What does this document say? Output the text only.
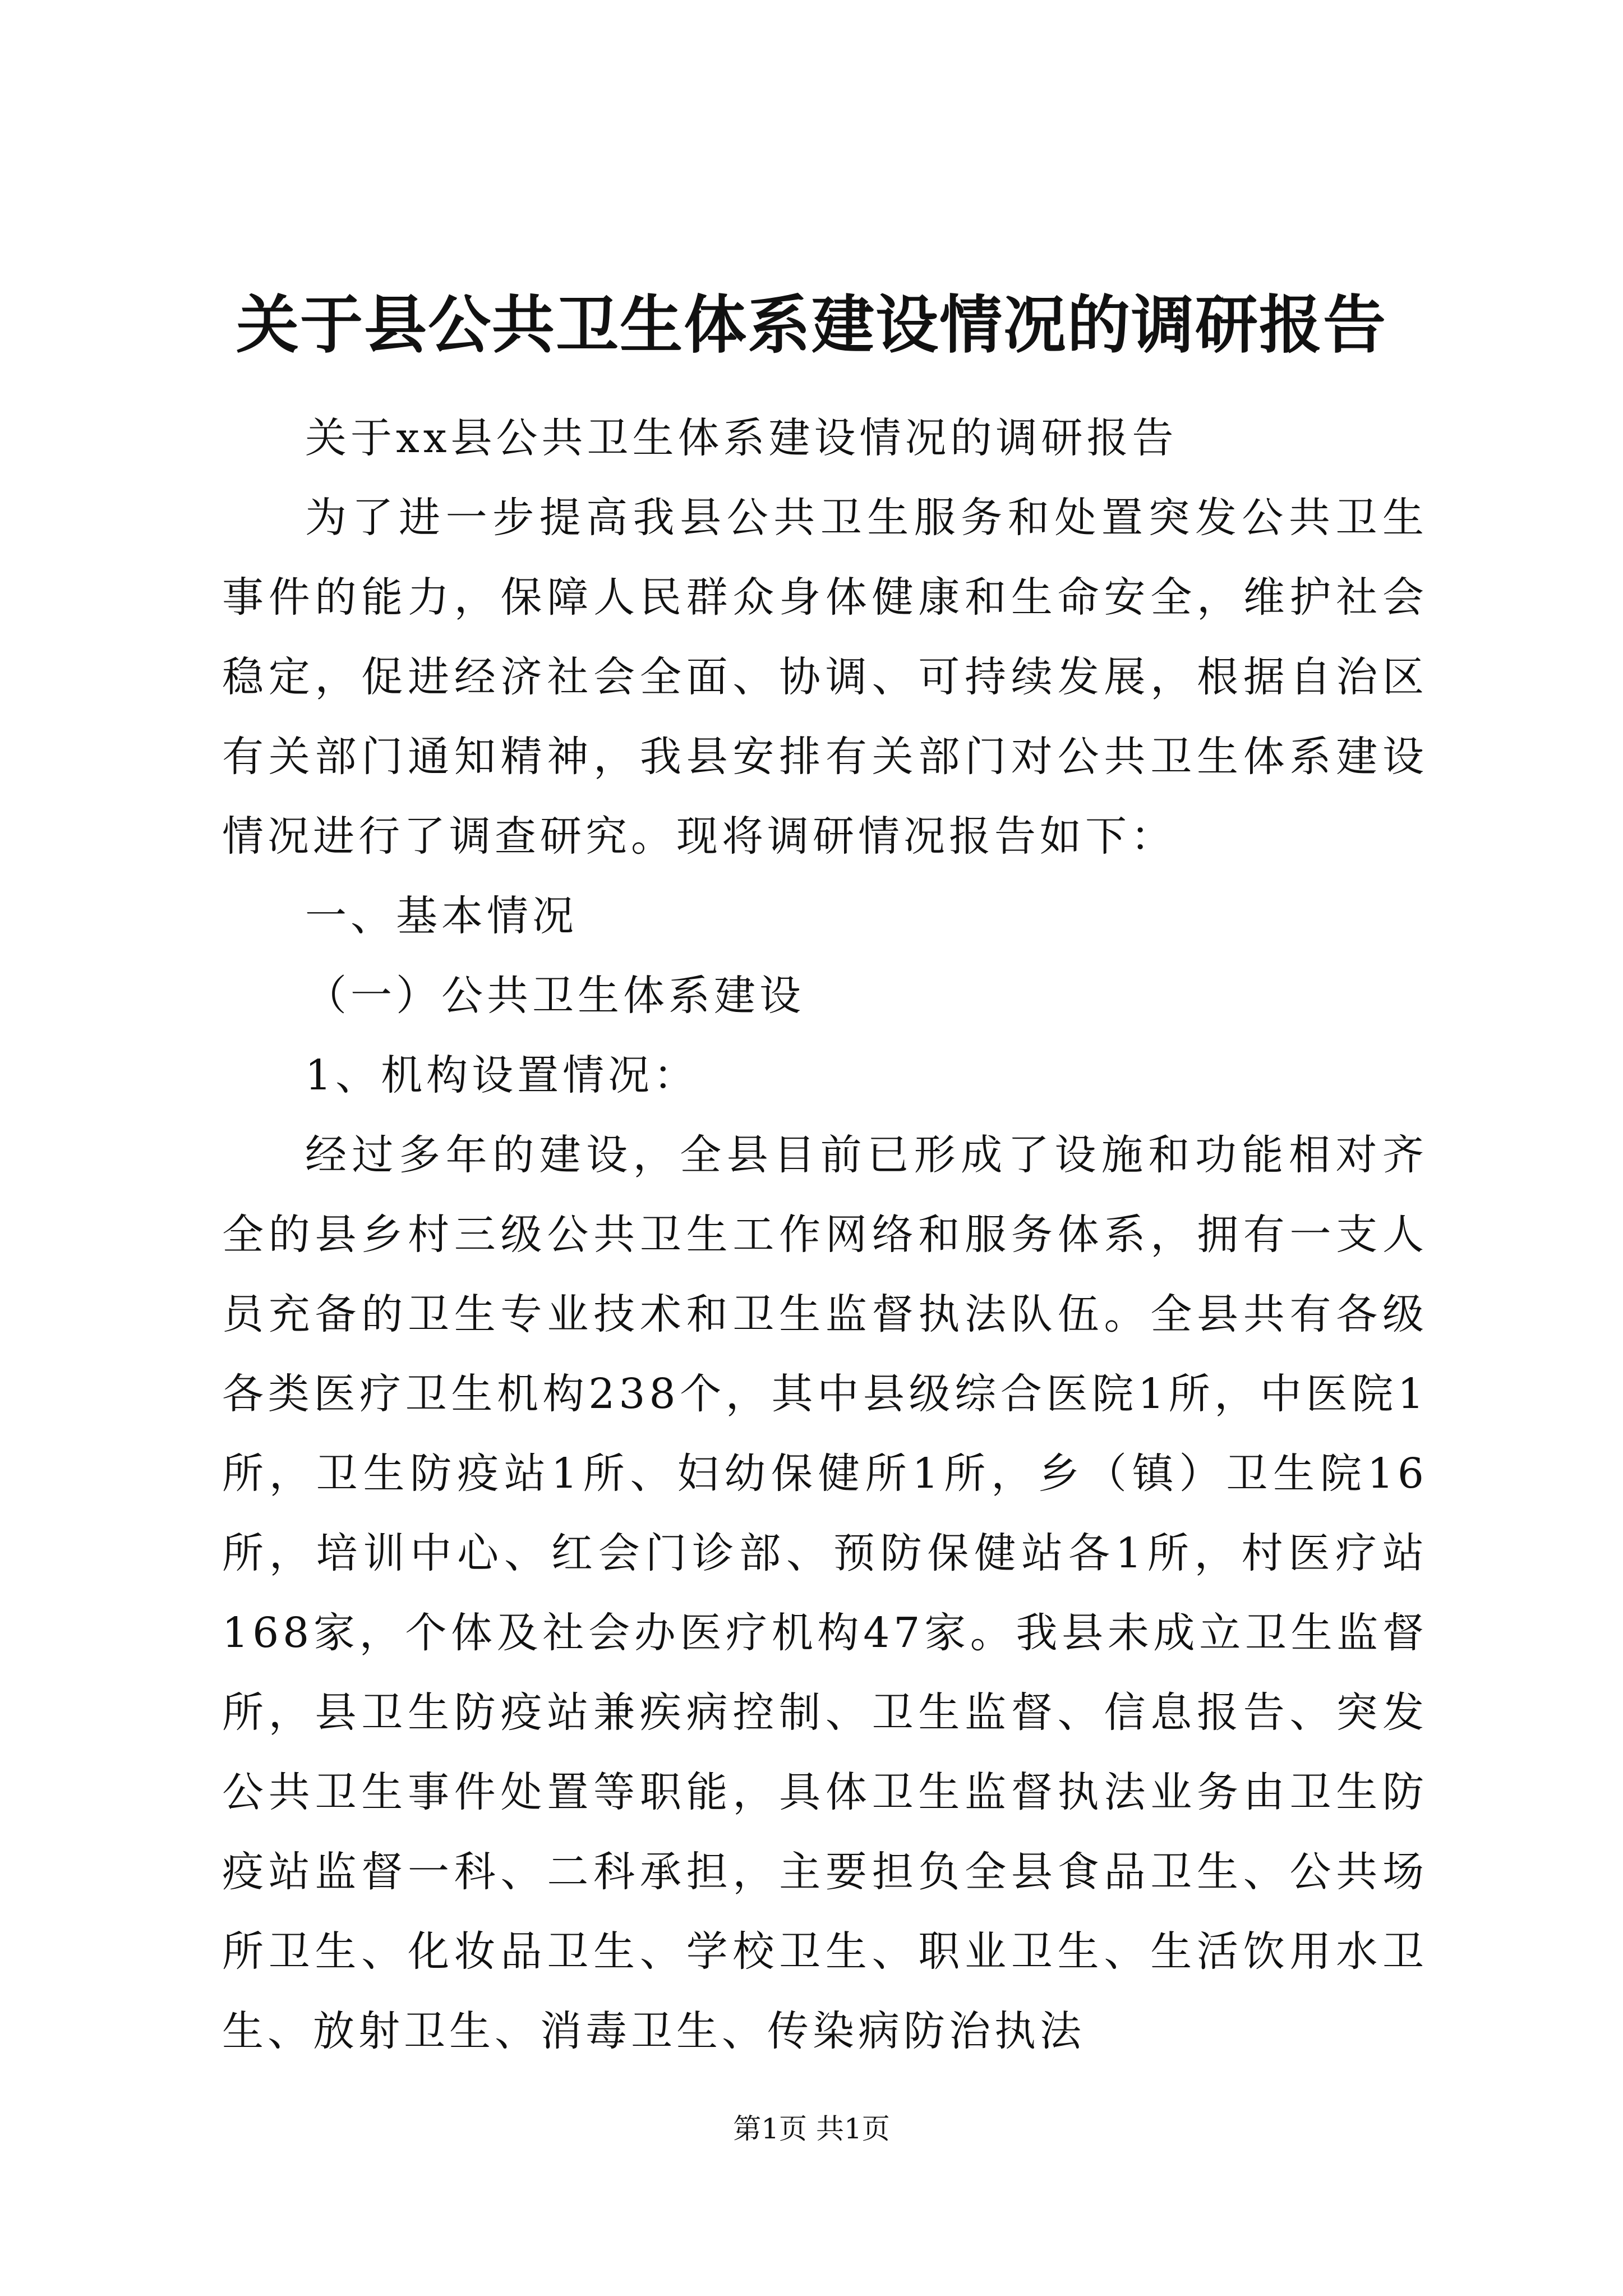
关于县公共卫生体系建设情况的调研报告

关于xx县公共卫生体系建设情况的调研报告

为了进一步提高我县公共卫生服务和处置突发公共卫生事件的能力，保障人民群众身体健康和生命安全，维护社会稳定，促进经济社会全面、协调、可持续发展，根据自治区有关部门通知精神，我县安排有关部门对公共卫生体系建设情况进行了调查研究。现将调研情况报告如下：

一、基本情况

（一）公共卫生体系建设

1、机构设置情况：

经过多年的建设，全县目前已形成了设施和功能相对齐全的县乡村三级公共卫生工作网络和服务体系，拥有一支人员充备的卫生专业技术和卫生监督执法队伍。全县共有各级各类医疗卫生机构238个，其中县级综合医院1所，中医院1所，卫生防疫站1所、妇幼保健所1所，乡（镇）卫生院16所，培训中心、红会门诊部、预防保健站各1所，村医疗站168家，个体及社会办医疗机构47家。我县未成立卫生监督所，县卫生防疫站兼疾病控制、卫生监督、信息报告、突发公共卫生事件处置等职能，具体卫生监督执法业务由卫生防疫站监督一科、二科承担，主要担负全县食品卫生、公共场所卫生、化妆品卫生、学校卫生、职业卫生、生活饮用水卫生、放射卫生、消毒卫生、传染病防治执法

第1页 共1页
